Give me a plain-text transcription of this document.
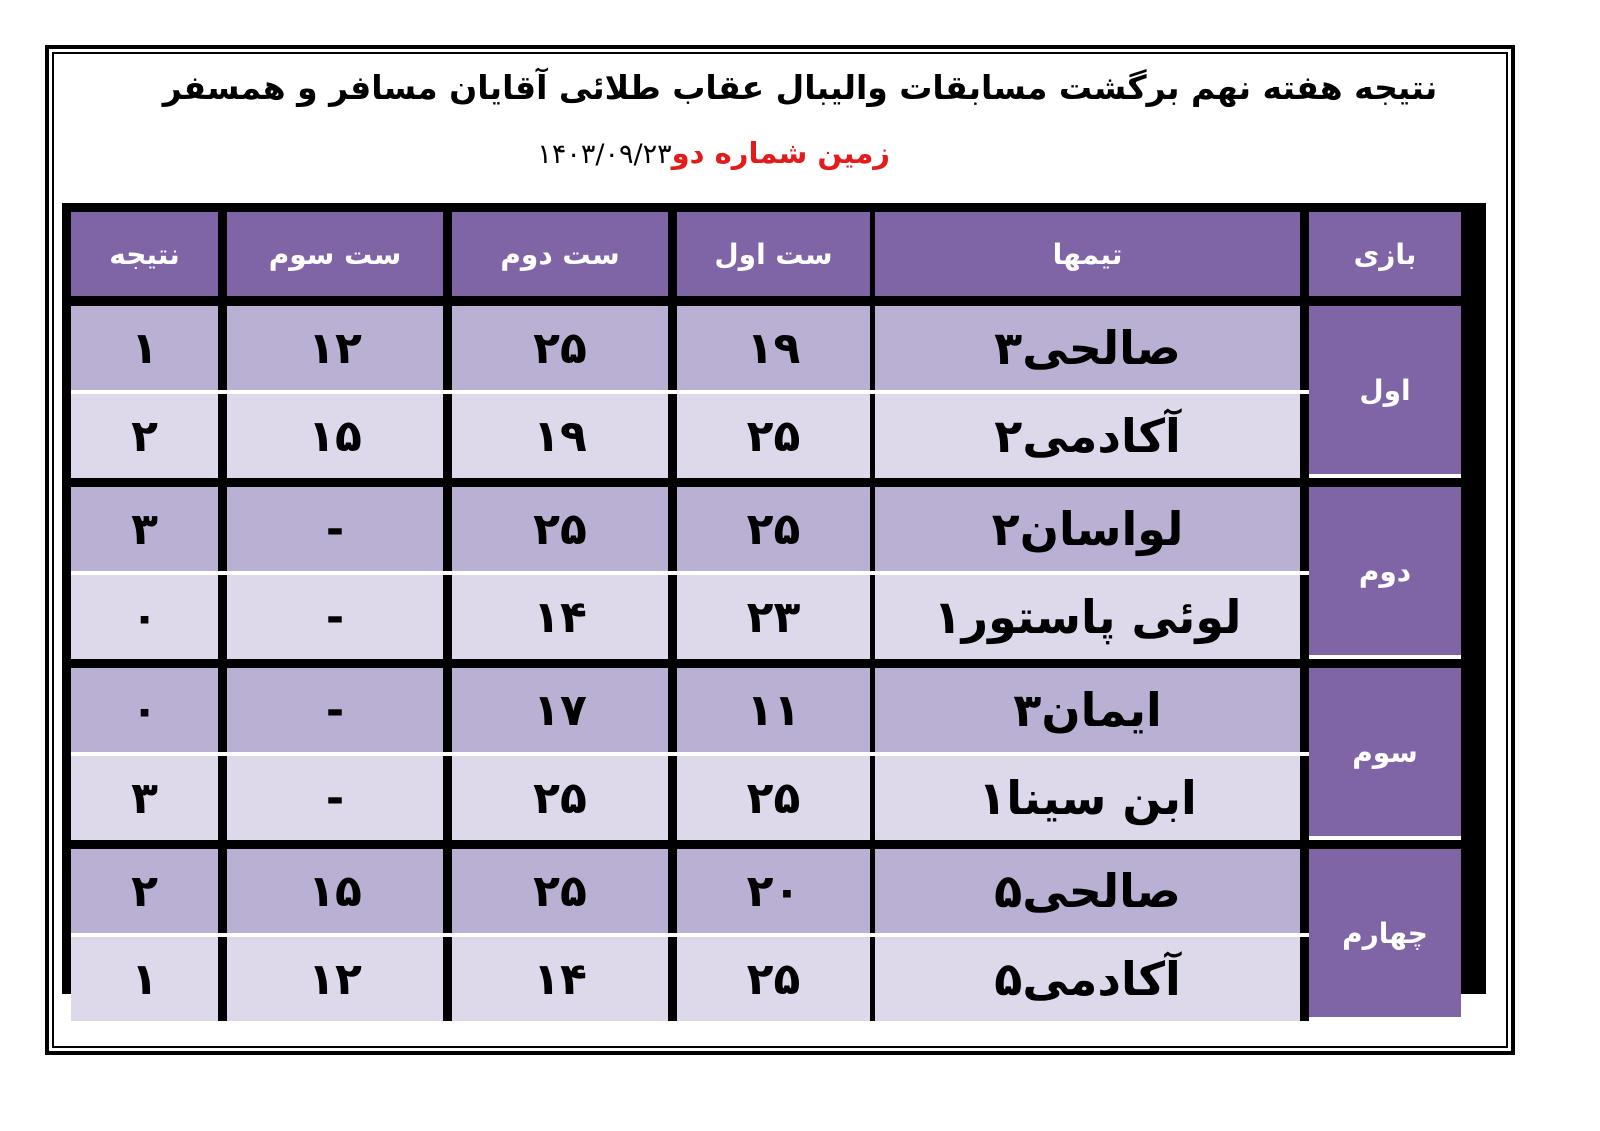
نتیجه هفته نهم برگشت مسابقات والیبال عقاب طلائی آقایان مسافر و همسفر
زمین شماره دو۱۴۰۳/۰۹/۲۳
بازی		تیمها		ست اول		ست دوم		ست سوم		نتیجه

اول		صالحی۳		۱۹		۲۵		۱۲		۱
		آکادمی۲		۲۵		۱۹		۱۵		۲

دوم		لواسان۲		۲۵		۲۵		-		۳
		لوئی پاستور۱		۲۳		۱۴		-		۰

سوم		ایمان۳		۱۱		۱۷		-		۰
		ابن سینا۱		۲۵		۲۵		-		۳

چهارم		صالحی۵		۲۰		۲۵		۱۵		۲
		آکادمی۵		۲۵		۱۴		۱۲		۱
